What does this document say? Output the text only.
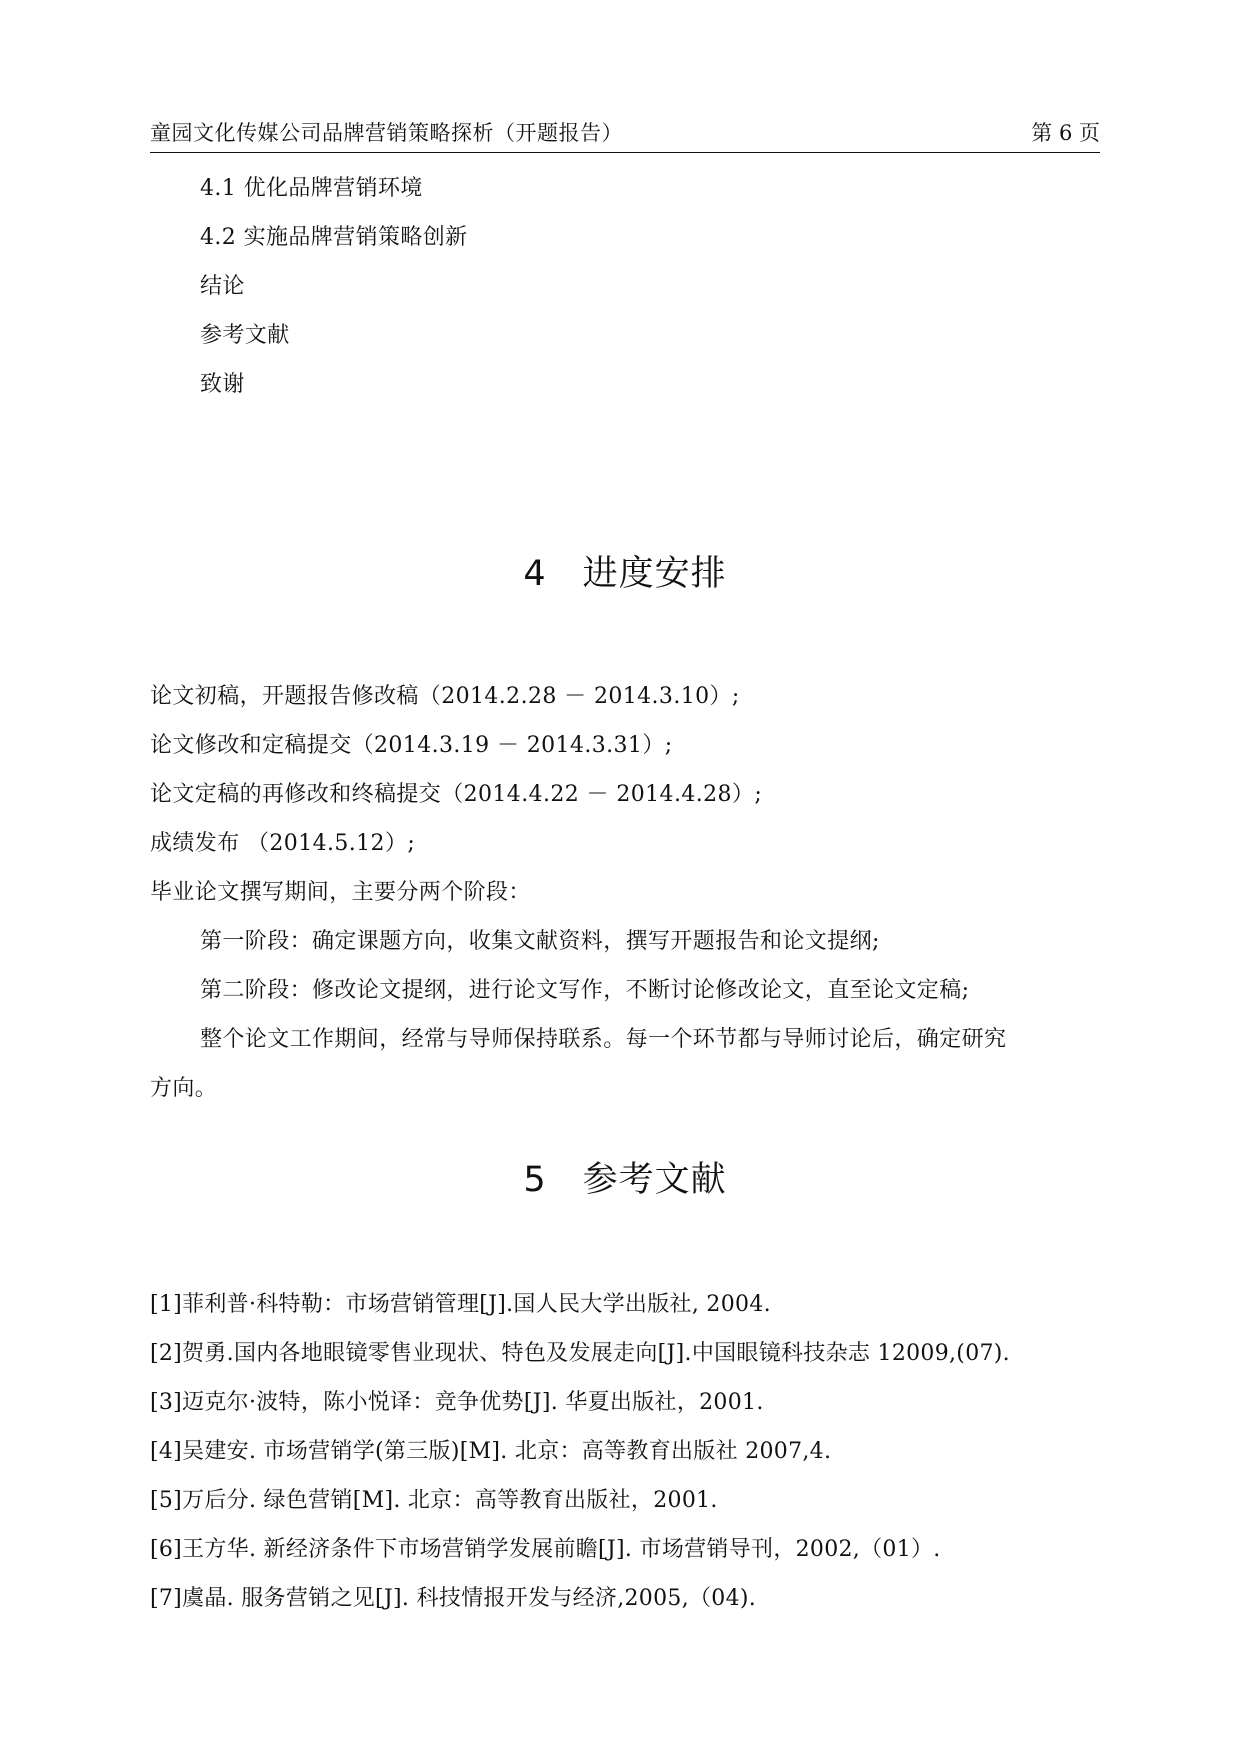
童园文化传媒公司品牌营销策略探析（开题报告）	第 6 页
4.1 优化品牌营销环境
4.2 实施品牌营销策略创新
结论
参考文献
致谢
4　进度安排
论文初稿，开题报告修改稿（2014.2.28 － 2014.3.10）;
论文修改和定稿提交（2014.3.19 － 2014.3.31）;
论文定稿的再修改和终稿提交（2014.4.22 － 2014.4.28）;
成绩发布 （2014.5.12）;
毕业论文撰写期间，主要分两个阶段：
第一阶段：确定课题方向，收集文献资料，撰写开题报告和论文提纲;
第二阶段：修改论文提纲，进行论文写作，不断讨论修改论文，直至论文定稿;
整个论文工作期间，经常与导师保持联系。每一个环节都与导师讨论后，确定研究
方向。
5　参考文献
[1]菲利普·科特勒：市场营销管理[J].国人民大学出版社, 2004.
[2]贺勇.国内各地眼镜零售业现状、特色及发展走向[J].中国眼镜科技杂志 12009,(07).
[3]迈克尔·波特，陈小悦译：竞争优势[J]. 华夏出版社，2001.
[4]吴建安. 市场营销学(第三版)[M]. 北京：高等教育出版社 2007,4.
[5]万后分. 绿色营销[M]. 北京：高等教育出版社，2001.
[6]王方华. 新经济条件下市场营销学发展前瞻[J]. 市场营销导刊，2002,（01）.
[7]虞晶. 服务营销之见[J]. 科技情报开发与经济,2005,（04).
